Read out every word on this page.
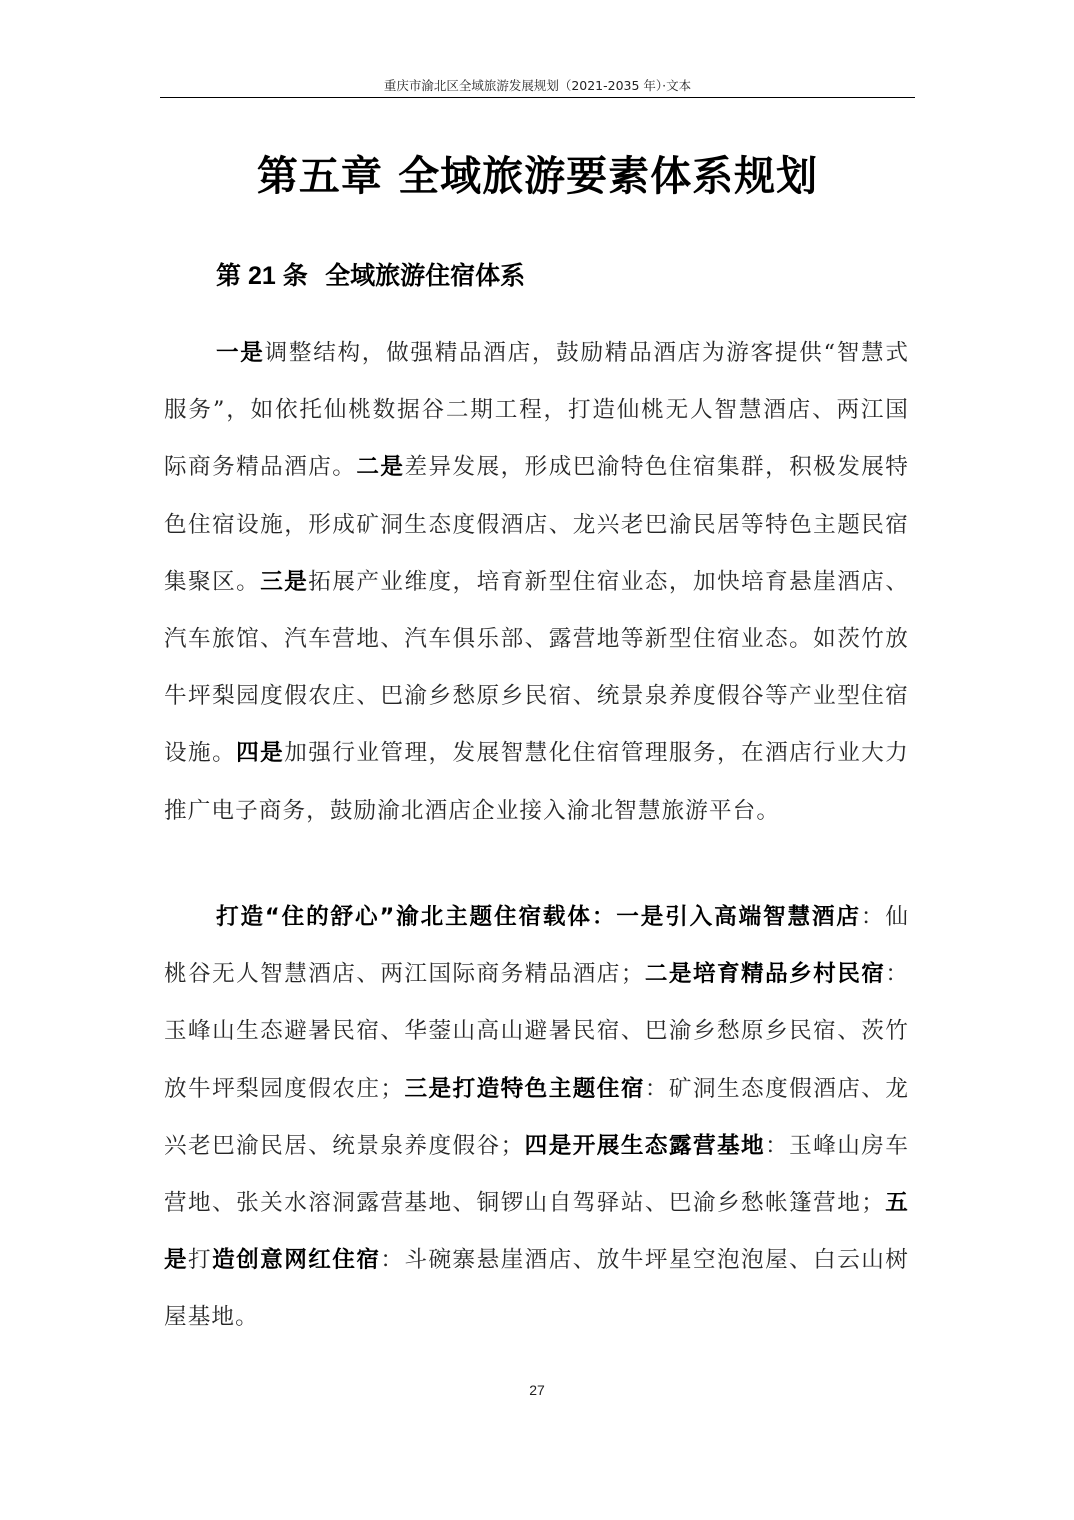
重庆市渝北区全域旅游发展规划（2021-2035 年）·文本
第五章 全域旅游要素体系规划
第 21 条 全域旅游住宿体系
一是调整结构，做强精品酒店，鼓励精品酒店为游客提供“智慧式服务”，如依托仙桃数据谷二期工程，打造仙桃无人智慧酒店、两江国际商务精品酒店。二是差异发展，形成巴渝特色住宿集群，积极发展特色住宿设施，形成矿洞生态度假酒店、龙兴老巴渝民居等特色主题民宿集聚区。三是拓展产业维度，培育新型住宿业态，加快培育悬崖酒店、汽车旅馆、汽车营地、汽车俱乐部、露营地等新型住宿业态。如茨竹放牛坪梨园度假农庄、巴渝乡愁原乡民宿、统景泉养度假谷等产业型住宿设施。四是加强行业管理，发展智慧化住宿管理服务，在酒店行业大力推广电子商务，鼓励渝北酒店企业接入渝北智慧旅游平台。
打造“住的舒心”渝北主题住宿载体：一是引入高端智慧酒店：仙桃谷无人智慧酒店、两江国际商务精品酒店；二是培育精品乡村民宿：玉峰山生态避暑民宿、华蓥山高山避暑民宿、巴渝乡愁原乡民宿、茨竹放牛坪梨园度假农庄；三是打造特色主题住宿：矿洞生态度假酒店、龙兴老巴渝民居、统景泉养度假谷；四是开展生态露营基地：玉峰山房车营地、张关水溶洞露营基地、铜锣山自驾驿站、巴渝乡愁帐篷营地；五是打造创意网红住宿：斗碗寨悬崖酒店、放牛坪星空泡泡屋、白云山树屋基地。
27
